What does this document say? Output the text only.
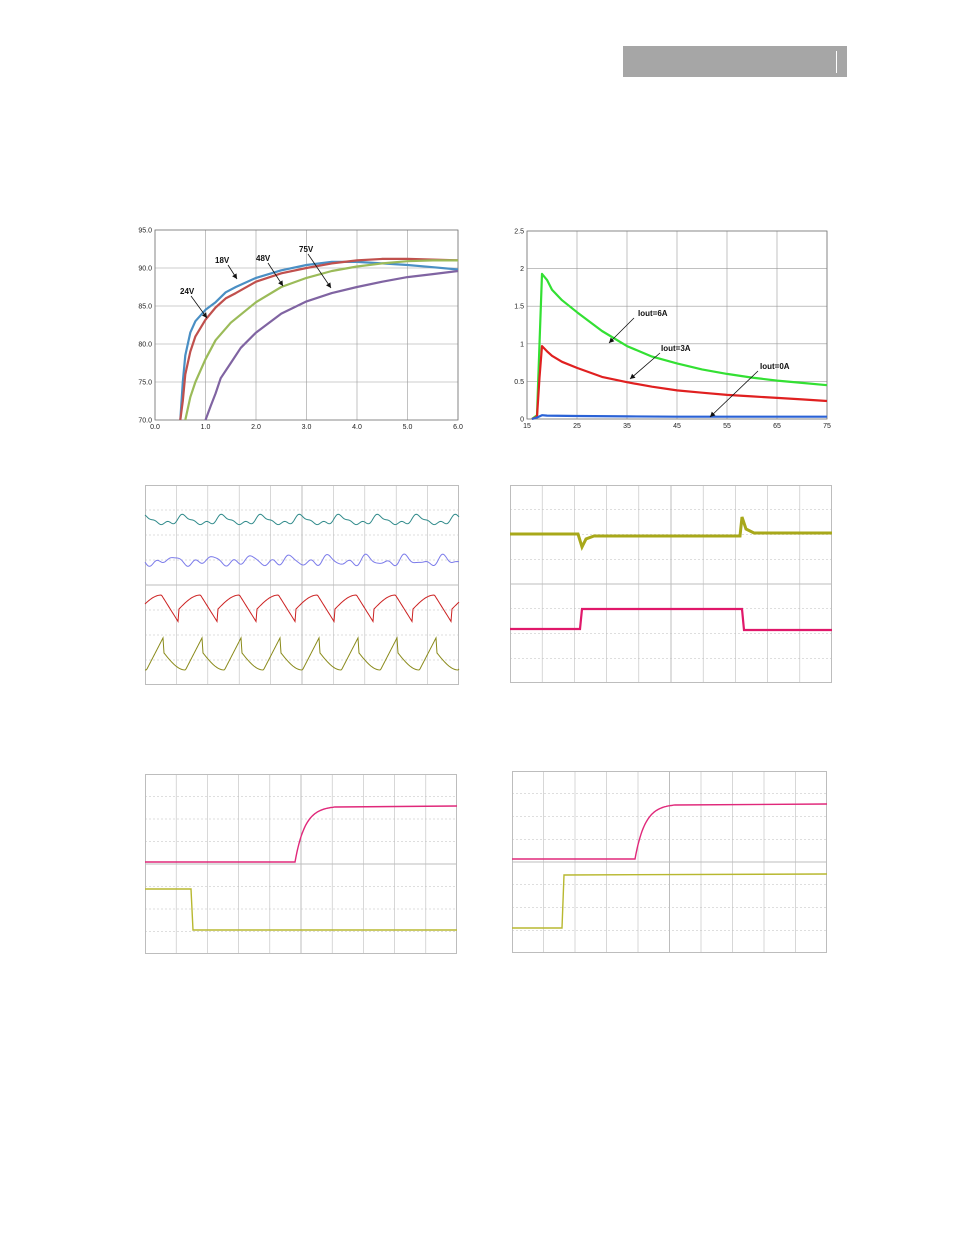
0.0	1.0	2.0	3.0	4.0	5.0	6.0
70.0
75.0
80.0
85.0
90.0
95.0
18V
24V
48V
75V
15	25	35	45	55	65	75
0
0.5
1
1.5
2
2.5
Iout=6A
Iout=3A
Iout=0A
